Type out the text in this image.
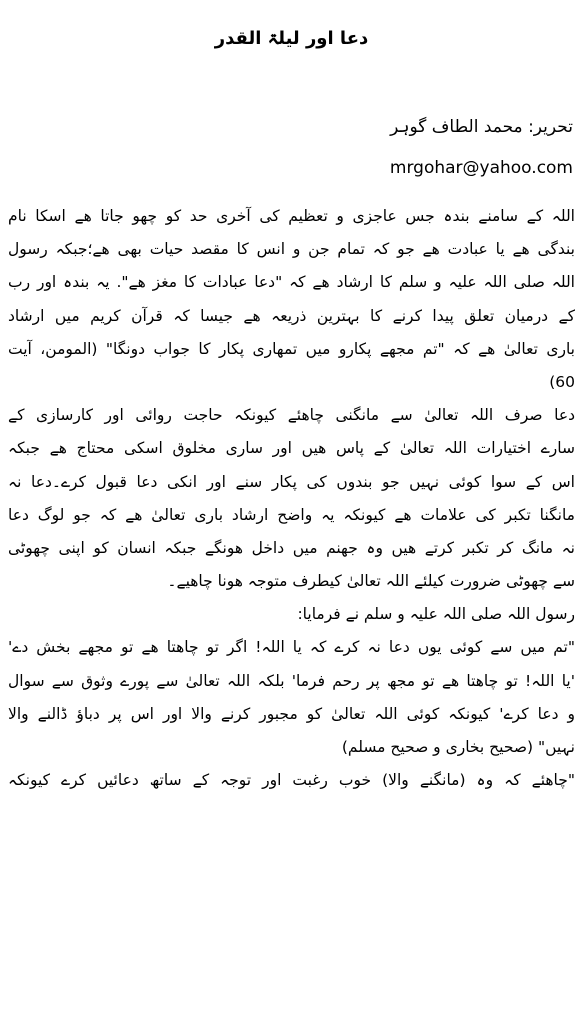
دعا اور لیلۃ القدر
تحریر: محمد الطاف گوہر
mrgohar@yahoo.com
اللہ کے سامنے بندہ جس عاجزی و تعظیم کی آخری حد کو چھو جاتا ھے اسکا نام
بندگی ھے یا عبادت ھے جو کہ تمام جن و انس کا مقصد حیات بھی ھے؛جبکہ رسول
اللہ صلی اللہ علیہ و سلم کا ارشاد ھے کہ "دعا عبادات کا مغز ھے". یہ بندہ اور رب
کے درمیان تعلق پیدا کرنے کا بہترین ذریعہ ھے جیسا کہ قرآن کریم میں ارشاد
باری تعالیٰ ھے کہ "تم مجھے پکارو میں تمھاری پکار کا جواب دونگا" (المومن، آیت
60)
دعا صرف اللہ تعالیٰ سے مانگنی چاھئے کیونکہ حاجت روائی اور کارسازی کے
سارے اختیارات اللہ تعالیٰ کے پاس ھیں اور ساری مخلوق اسکی محتاج ھے جبکہ
اس کے سوا کوئی نہیں جو بندوں کی پکار سنے اور انکی دعا قبول کرے۔دعا نہ
مانگنا تکبر کی علامات ھے کیونکہ یہ واضح ارشاد باری تعالیٰ ھے کہ جو لوگ دعا
نہ مانگ کر تکبر کرتے ھیں وہ جھنم میں داخل ھونگے جبکہ انسان کو اپنی چھوٹی
سے چھوٹی ضرورت کیلئے اللہ تعالیٰ کیطرف متوجہ ھونا چاھیے۔
رسول اللہ صلی اللہ علیہ و سلم نے فرمایا:
"تم میں سے کوئی یوں دعا نہ کرے کہ یا اللہ! اگر تو چاھتا ھے تو مجھے بخش دے'
'یا اللہ! تو چاھتا ھے تو مجھ پر رحم فرما' بلکہ اللہ تعالیٰ سے پورے وثوق سے سوال
و دعا کرے' کیونکہ کوئی اللہ تعالیٰ کو مجبور کرنے والا اور اس پر دباؤ ڈالنے والا
نہیں" (صحیح بخاری و صحیح مسلم)
"چاھئے کہ وہ (مانگنے والا) خوب رغبت اور توجہ کے ساتھ دعائیں کرے کیونکہ
